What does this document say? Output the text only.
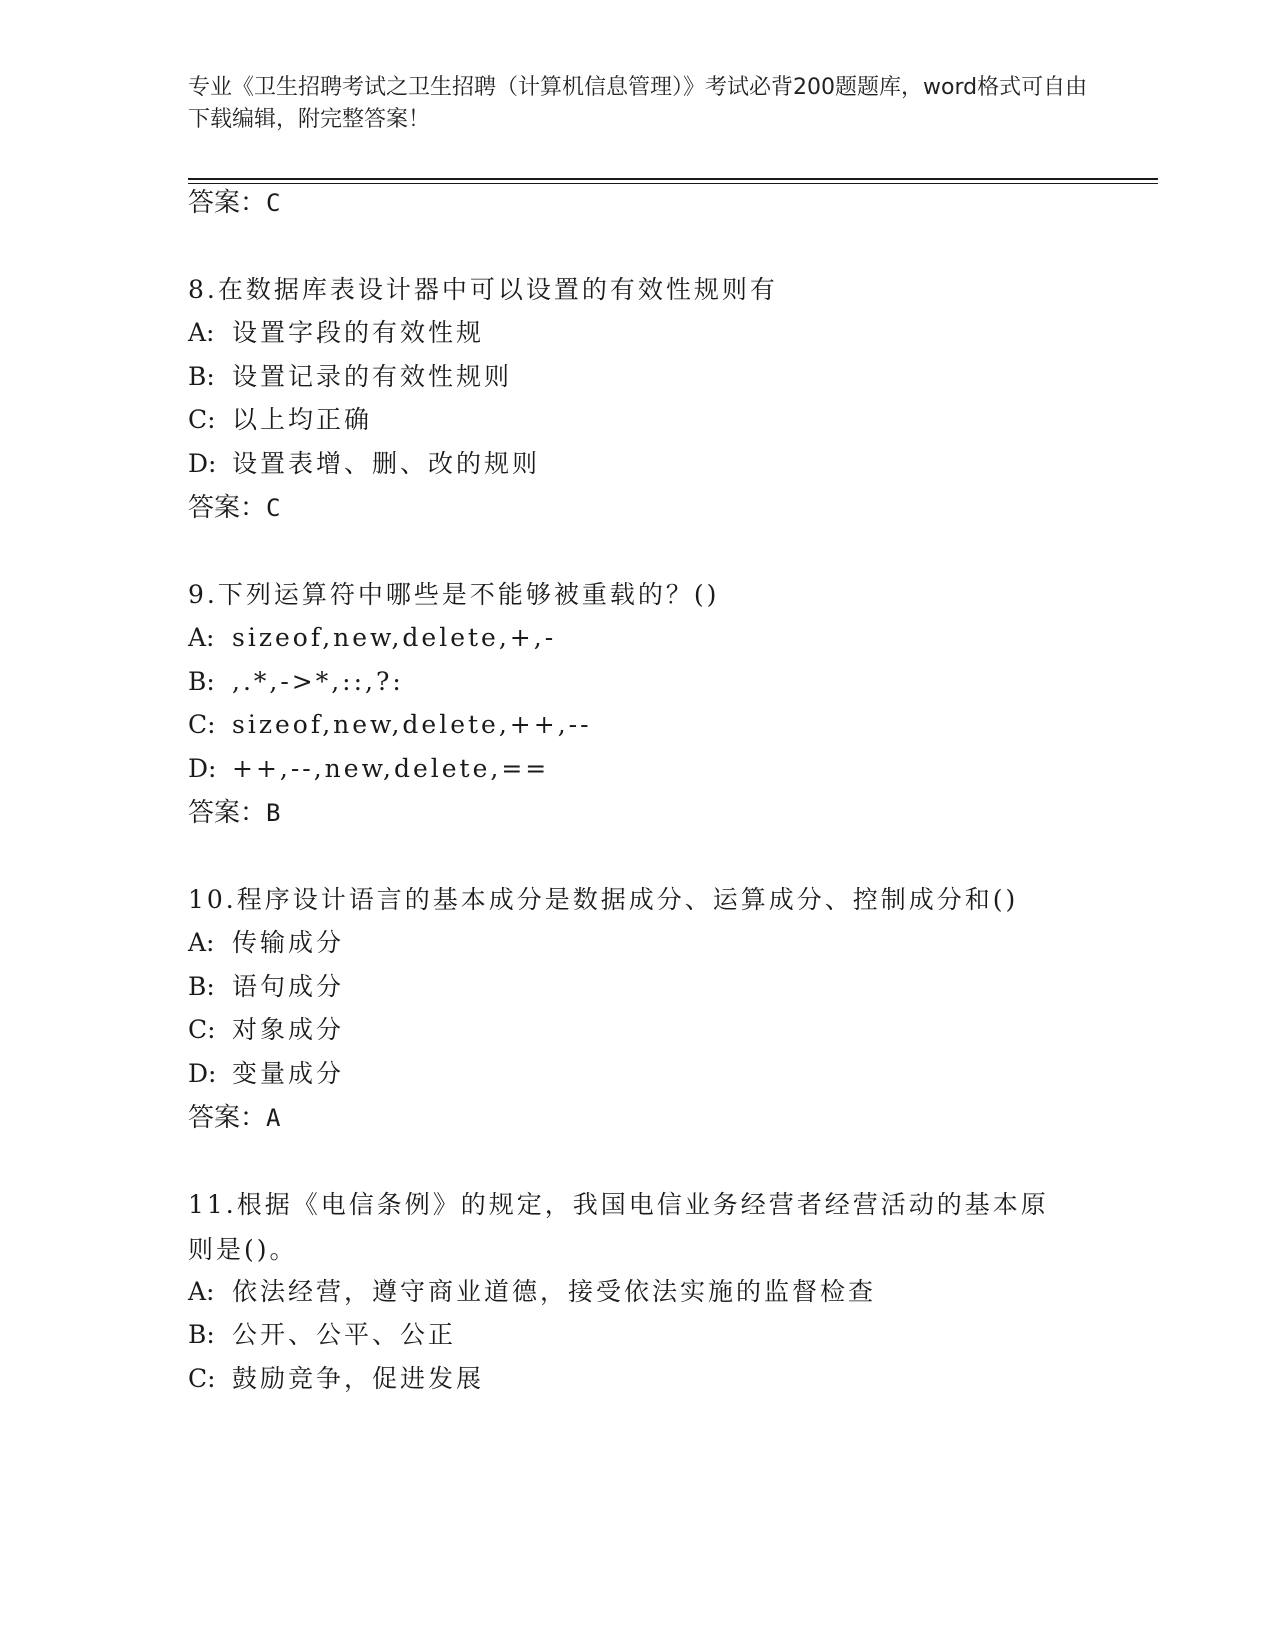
专业《卫生招聘考试之卫生招聘（计算机信息管理）》考试必背200题题库，word格式可自由下载编辑，附完整答案！
答案：C
8.在数据库表设计器中可以设置的有效性规则有
A: 设置字段的有效性规
B: 设置记录的有效性规则
C: 以上均正确
D: 设置表增、删、改的规则
答案：C
9.下列运算符中哪些是不能够被重载的？()
A: sizeof,new,delete,+,-
B: ,.*,->*,::,?:
C: sizeof,new,delete,++,--
D: ++,--,new,delete,==
答案：B
10.程序设计语言的基本成分是数据成分、运算成分、控制成分和()
A: 传输成分
B: 语句成分
C: 对象成分
D: 变量成分
答案：A
11.根据《电信条例》的规定，我国电信业务经营者经营活动的基本原则是()。
A: 依法经营，遵守商业道德，接受依法实施的监督检查
B: 公开、公平、公正
C: 鼓励竞争，促进发展
